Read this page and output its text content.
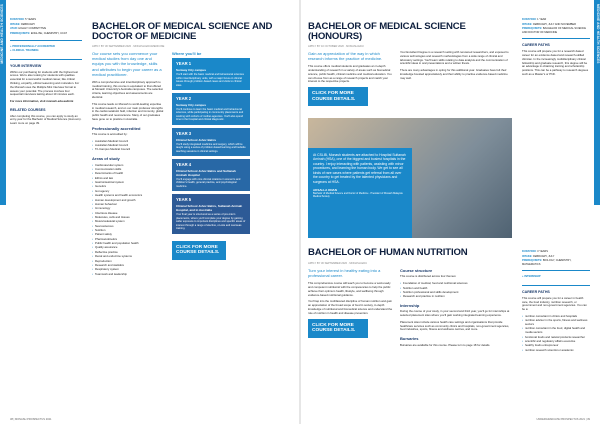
MEDICINE AND HEALTH SCIENCES	MEDICINE AND HEALTH SCIENCES
DURATION: 5 YEARS
INTAKE: FEBRUARY
ATAR: HIGHLY COMPETITIVE
PREREQUISITE: ENGLISH, CHEMISTRY, UCAT
+ PROFESSIONALLY ACCREDITED
+ CLINICAL TRAINING
YOUR INTERVIEW

Within our purchasing for students with the highest test scores. We're also looking for students with qualities essential for a successful medical career, like critical thinking, empathy, ethical reasoning and motivation. For the Monash uses the Multiple Mini Interview format to assess your potential. The process involves four sequential interviews lasting about 10 minutes each.

For more information, visit monash.edu.au/mmi

RELATED COURSES

After completing this course, you can apply to study an entry-year for the Bachelor of Medical Science (Honours). Learn more on page 39.

BACHELOR OF MEDICAL SCIENCE AND DOCTOR OF MEDICINE
APPLY BY 30 SEPTEMBER 2020 · MONASH.EDU/MEDICINE
Our course sets you commence your medical studies from day one and equips you with the knowledge, skills and attributes to begin your career as a medical practitioner.

With a comprehensive and interdisciplinary approach to medical training, this course is equivalent to that offered at Monash University's Australia campuses. The selection criteria, learning objectives and assessments are identical.

This course leads on Monash to world-leading expertise in medical research, and on our main professor strengths in the cardiometabolic field, infection and immunity, global public health and neuroscience. Many of our graduates have gone on to practice in Australia.

Professionally accredited

This course is accredited by:

• Australian Medical Council
• Australian Medical Council
• Tri-Campus Medical Council
Areas of study
• Cardiovascular system
• Communication skills
• Determinants of health
• Ethics and law
• Gastrointestinal system
• Genetics
• Gut agency
• Health systems and health economics
• Human development and growth
• Human behaviour
• Immunology
• Infectious disease
• Molecules, cells and tissues
• Musculoskeletal system
• Neurosciences
• Nutrition
• Patient safety
• Pharmacokinetics
• Public health and population health
• Quality assurance
• Reflective practice
• Renal and endocrine systems
• Reproduction
• Research and statistics
• Respiratory system
• Teamwork and leadership
Where you'll be
YEAR 1
Sunway City campus
You'll start with the basic medical and behavioural sciences within interdisciplinary units, with a major focus on clinical issues through problem-based cases and visits to clinical sites.
YEAR 2
Sunway City campus
You'll continue to learn the basic medical and behavioural sciences, while participating in community placements and working with cohorts of mother-agencies. You'll also spend time in the hospital and clinical diagnostic.
YEAR 3
Clinical School Johor Bahru
You'll study integrated medicine and surgery, which will be taught using a series of problem-based learning and bedside teaching sessions in clinical settings.
YEAR 4
Clinical School Johor Bahru and Sultanah Aminah Hospital
You'll engage with core clinical rotations in women's and children's health, general practice, and psychological medicine.
YEAR 5
Clinical School Johor Bahru, Sultanah Aminah Hospital, and in Australia
Your final year is structured as a series of pre-intern placements, where you'll complete your degree by gaining wider exposure to important disciplines and specific areas of interest through a range of elective, on-site and overseas training.
CLICK FOR MORE COURSE DETAILS.
38 | MONASH PROSPECTUS 2021
BACHELOR OF MEDICAL SCIENCE (HONOURS)
APPLY BY 10 OCTOBER 2020 · MONASH.EDU
Gain an appreciation of the way in which research informs the practice of medicine.

This course offers medical students and graduates an in-depth understanding of research in a variety of areas such as biomedical science, public health, clinical medicine and medical education. You can choose from as a range of research projects and match your interest to the respective projects.

CLICK FOR MORE COURSE DETAILS.

Your Excellent Degree is a research setting with renowned researchers, and exposed to various technologies and research methodologies from a wide range of clinical and laboratory settings. You'll learn skills relating to data analysis and the communication of scientific ideas in oral presentations and a written thesis.

There are many advantages in opting for this additional year. Graduates have felt their knowledge boosted appreciatively and their ability to practise evidence-based medicine may well.

DURATION: 1 YEAR
INTAKE: FEBRUARY, JULY AND NOVEMBER
PREREQUISITE: BACHELOR OF MEDICAL SCIENCE AND DOCTOR OF MEDICINE
CAREER PATHS

This course will prepare you for a research-based career for an evidence-based and research-skilled clinician. In the increasingly multidisciplinary clinical fellowship and graduate research, this degree will be an advantage in obtaining training and scholarship positions. This can be a pathway to research degrees such as a Master's or PhD.

At CSLIB, Monash students are attached to Hospital Sultanah Aminah (HSA), one of the biggest and busiest hospitals in the country. I enjoy interacting with patients, assisting with minor procedures, and learning the human body. We get to see all kinds of rare cases where patients get referral from all over the country to get treated by the talented physicians and surgeons at HSA.
AKSALLA ONAN
Bachelor of Medical Science and Doctor of Medicine · President of Monash Malaysia Medical Society
BACHELOR OF HUMAN NUTRITION
APPLY BY 30 SEPTEMBER 2020 · MONASH.EDU
Turn your interest in healthy eating into a professional career.

This comprehensive course will teach you to become a work-ready and competent nutritionist with the competencies to help the public achieve their optimum health, lifestyle, and wellbeing through evidence-based nutritional guidance.

You'll tap into the multifaceted discipline of human nutrition and gain an appreciation of the broad scope of food in society, in-depth knowledge of nutritional and biomedical science and understand the role of nutrition in health and disease prevention.

CLICK FOR MORE COURSE DETAILS.
Course structure

This course is distributed across four themes:

• Foundation of medical, food and nutritional sciences
• Nutrition and health
• Nutrition professional and skills development
• Research and practice in nutrition
Internship

During the course of your study, in your second and third year, you'll go for internships at selected placement sites where you'll gain working integrated learning experience.

Placement sites include various health care settings and organisations that provide healthcare services such as community clinics and hospitals, non-government agencies, food industries, sports, fitness and wellness centres, and more.

Bursaries

Bursaries are available for this course. Please turn to page 18 for details.

DURATION: 3 YEARS
INTAKE: FEBRUARY, JULY
PREREQUISITE: BIOLOGY, CHEMISTRY, MATHEMATICS
+ INTERNSHIP
CAREER PATHS

This course will prepare you for a career in health care, the food industry, nutrition research, or government and non-government agencies. You can be a:

• nutrition consultant in clinics and hospitals
• nutrition advisor in the sports, fitness and wellness sectors
• nutrition consultant in the food, digital health and media sectors
• functional foods and natural products researcher
• scientific and regulatory affairs executive
• healthy foods entrepreneur
• nutrition research scientist or academic.
UNDERGRADUATE PROSPECTUS 2021 | 39
